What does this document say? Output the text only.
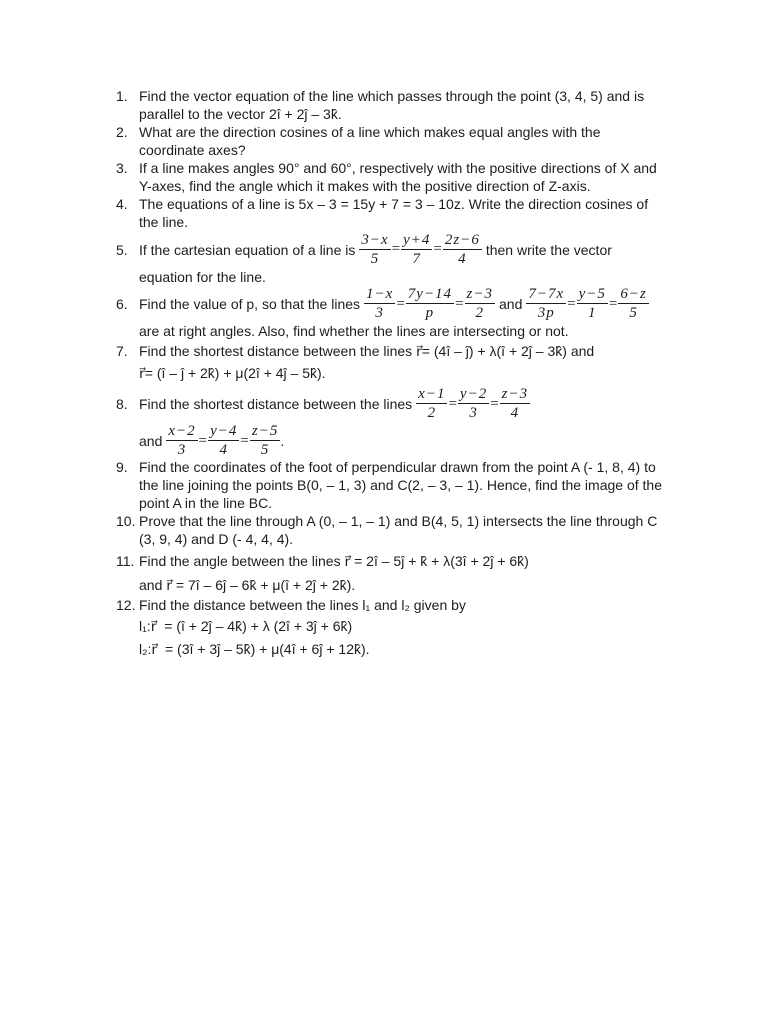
1. Find the vector equation of the line which passes through the point (3, 4, 5) and is
parallel to the vector 2î + 2ĵ – 3k̂.
2. What are the direction cosines of a line which makes equal angles with the
coordinate axes?
3. If a line makes angles 90° and 60°, respectively with the positive directions of X and
Y-axes, find the angle which it makes with the positive direction of Z-axis.
4. The equations of a line is 5x – 3 = 15y + 7 = 3 – 10z. Write the direction cosines of
the line.
5. If the cartesian equation of a line is $\frac{3-x}{5} = \frac{y+4}{7} = \frac{2z-6}{4}$ then write the vector
equation for the line.
6. Find the value of p, so that the lines $\frac{1-x}{3} = \frac{7y-14}{p} = \frac{z-3}{2}$ and $\frac{7-7x}{3p} = \frac{y-5}{1} = \frac{6-z}{5}$
are at right angles. Also, find whether the lines are intersecting or not.
7. Find the shortest distance between the lines r⃗= (4î – ĵ) + λ(î + 2ĵ – 3k̂) and
r⃗= (î – ĵ + 2k̂) + μ(2î + 4ĵ – 5k̂).
8. Find the shortest distance between the lines $\frac{x-1}{2} = \frac{y-2}{3} = \frac{z-3}{4}$
and $\frac{x-2}{3} = \frac{y-4}{4} = \frac{z-5}{5}$ .
9. Find the coordinates of the foot of perpendicular drawn from the point A (- 1, 8, 4) to
the line joining the points B(0, – 1, 3) and C(2, – 3, – 1). Hence, find the image of the
point A in the line BC.
10. Prove that the line through A (0, – 1, – 1) and B(4, 5, 1) intersects the line through C
(3, 9, 4) and D (- 4, 4, 4).
11. Find the angle between the lines r⃗ = 2î – 5ĵ + k̂ + λ(3î + 2ĵ + 6k̂)
and r⃗ = 7î – 6ĵ – 6k̂ + μ(î + 2ĵ + 2k̂).
12. Find the distance between the lines l₁ and l₂ given by
l₁:r⃗  = (î + 2ĵ – 4k̂) + λ (2î + 3ĵ + 6k̂)
l₂:r⃗  = (3î + 3ĵ – 5k̂) + μ(4î + 6ĵ + 12k̂).
